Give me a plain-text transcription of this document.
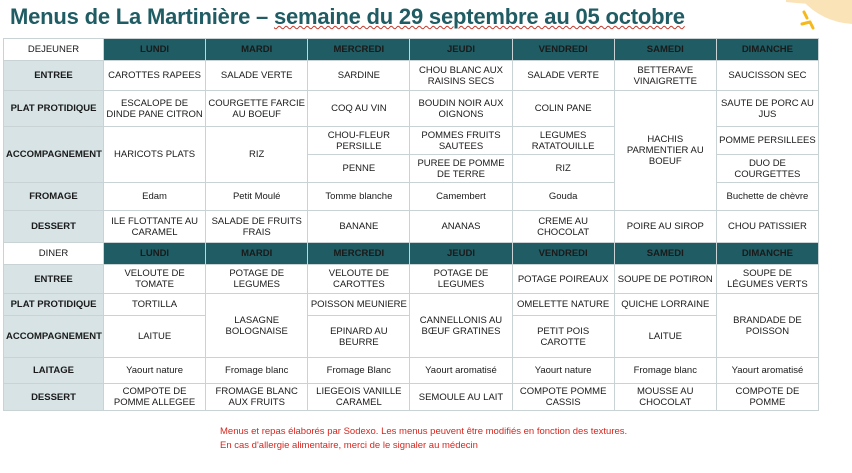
Menus de La Martinière – semaine du 29 septembre au 05 octobre
DEJEUNER	LUNDI	MARDI	MERCREDI	JEUDI	VENDREDI	SAMEDI	DIMANCHE
ENTREE	CAROTTES RAPEES	SALADE VERTE	SARDINE	CHOU BLANC AUX RAISINS SECS	SALADE VERTE	BETTERAVE VINAIGRETTE	SAUCISSON SEC
PLAT PROTIDIQUE	ESCALOPE DE DINDE PANE CITRON	COURGETTE FARCIE AU BOEUF	COQ AU VIN	BOUDIN NOIR AUX OIGNONS	COLIN PANE	HACHIS PARMENTIER AU BOEUF	SAUTE DE PORC AU JUS
ACCOMPAGNEMENT	HARICOTS PLATS	RIZ	CHOU-FLEUR PERSILLE	POMMES FRUITS SAUTEES	LEGUMES RATATOUILLE		POMME PERSILLEES
			PENNE	PUREE DE POMME DE TERRE	RIZ		DUO DE COURGETTES
FROMAGE	Edam	Petit Moulé	Tomme blanche	Camembert	Gouda		Buchette de chèvre
DESSERT	ILE FLOTTANTE AU CARAMEL	SALADE DE FRUITS FRAIS	BANANE	ANANAS	CREME AU CHOCOLAT	POIRE AU SIROP	CHOU PATISSIER
DINER	LUNDI	MARDI	MERCREDI	JEUDI	VENDREDI	SAMEDI	DIMANCHE
ENTREE	VELOUTE DE TOMATE	POTAGE DE LEGUMES	VELOUTE DE CAROTTES	POTAGE DE LEGUMES	POTAGE POIREAUX	SOUPE DE POTIRON	SOUPE DE LÉGUMES VERTS
PLAT PROTIDIQUE	TORTILLA	LASAGNE BOLOGNAISE	POISSON MEUNIERE	CANNELLONIS AU BŒUF GRATINES	OMELETTE NATURE	QUICHE LORRAINE	BRANDADE DE POISSON
ACCOMPAGNEMENT	LAITUE		EPINARD AU BEURRE		PETIT POIS CAROTTE	LAITUE	
LAITAGE	Yaourt nature	Fromage blanc	Fromage Blanc	Yaourt aromatisé	Yaourt nature	Fromage blanc	Yaourt aromatisé
DESSERT	COMPOTE DE POMME ALLEGEE	FROMAGE BLANC AUX FRUITS	LIEGEOIS VANILLE CARAMEL	SEMOULE AU LAIT	COMPOTE POMME CASSIS	MOUSSE AU CHOCOLAT	COMPOTE DE POMME
Menus et repas élaborés par Sodexo. Les menus peuvent être modifiés en fonction des textures.
En cas d'allergie alimentaire, merci de le signaler au médecin
